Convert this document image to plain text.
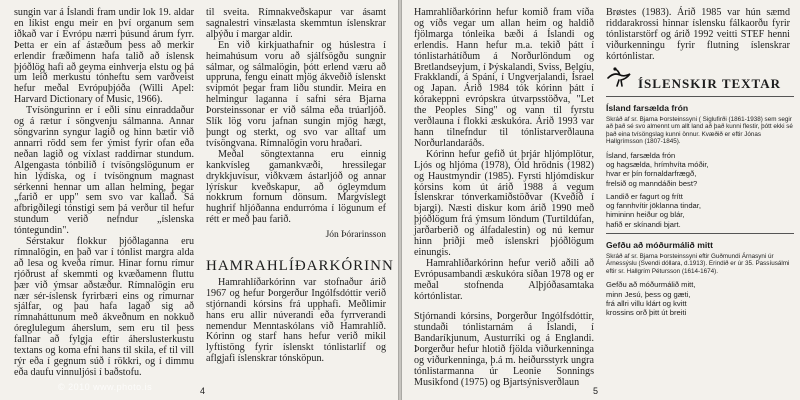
sungin var á Íslandi fram undir lok 19. aldar en líkist engu meir en því organum sem iðkað var í Evrópu nærri þúsund árum fyrr. Þetta er ein af ástæðum þess að merkir erlendir fræðimenn hafa talið að íslensk þjóðlög hafi að geyma einhverja elstu og þá um leið merkustu tónheftu sem varðveist hefur meðal Evrópuþjóða (Willi Apel: Harvard Dictionary of Music, 1966).

Tvísöngurinn er í eðli sínu einraddaður og á rætur í söngvenju sálmanna. Annar söngvarinn syngur lagið og hinn bætir við annarri rödd sem fer ýmist fyrir ofan eða neðan lagið og víxlast raddirnar stundum. Algengasta tónbilið í tvísöngslögunum er hin lýdíska, og í tvísöngnum magnast sérkenni hennar um allan helming, þegar „farið er upp" sem svo var kallað. Sá afbrigðilegi tónstigi sem þá verður til hefur stundum verið nefndur „íslenska tóntegundin".

Sérstakur flokkur þjóðlaganna eru rímnalögin, en það var í tónlist margra alda að lesa og kveða rímur. Hinar fornu rímur rjóðrust af skemmti og kvæðamenn fluttu þær við ýmsar aðstæður. Rímnalögin eru nær sér-íslensk fyrirbæri eins og rímurnar sjálfar, og þau hafa lagað sig að rímnaháttunum með ákveðnum en nokkuð óreglulegum áherslum, sem eru til þess fallnar að fylgja eftir áherslusterkustu textans og koma efni hans til skila, ef til vill rýr eða í gegnum súð í rökkri, og í dimmu eða daufu vinnuljósi í baðstofu.

til sveita. Rímnakveðskapur var ásamt sagnalestri vinsælasta skemmtun íslenskrar alþýðu í margar aldir.

En við kirkjuathafnir og húslestra í heimahúsum voru að sjálfsögðu sungnir sálmar, og sálmalögin, þótt erlend væru að uppruna, fengu einatt mjög ákveðið íslenskt svipmót þegar fram liðu stundir. Meira en helmingur laganna í safni séra Bjarna Þorsteinssonar er við sálma eða trúarljóð. Slík lög voru jafnan sungin mjög hægt, þungt og sterkt, og svo var alltaf um tvísöngvana. Rímnalögin voru hraðari.

Meðal söngtextanna eru einnig kankvísleg gamankvæði, hressilegar drykkjuvísur, viðkvæm ástarljóð og annar lýrískur kveðskapur, að ógleymdum nokkrum fornum dönsum. Margvíslegt hughrif hljóðanna endurróma í lögunum ef rétt er með þau farið.

Jón Þórarinsson
HAMRAHLÍÐARKÓRINN

Hamrahlíðarkórinn var stofnaður árið 1967 og hefur Þorgerður Ingólfsdóttir verið stjórnandi kórsins frá upphafi. Meðlimir hans eru allir núverandi eða fyrrverandi nemendur Menntaskólans við Hamrahlíð. Kórinn og starf hans hefur verið mikil lyftistöng fyrir íslenskt tónlistarlíf og aflgjafi íslenskrar tónsköpun.

© 2010 www.photo.is	4

Hamrahlíðarkórinn hefur komið fram víða og víðs vegar um allan heim og haldið fjölmarga tónleika bæði á Íslandi og erlendis. Hann hefur m.a. tekið þátt í tónlistarhátíðum á Norðurlöndum og Bretlandseyjum, í Þýskalandi, Sviss, Belgíu, Frakklandi, á Spáni, í Ungverjalandi, Ísrael og Japan. Árið 1984 tók kórinn þátt í kórakeppni evrópskra útvarpsstöðva, "Let the Peoples Sing" og vann til fyrstu verðlauna í flokki æskukóra. Árið 1993 var hann tilnefndur til tónlistarverðlauna Norðurlandaráðs.

Kórinn hefur gefið út þrjár hljómplötur, Ljós og hljóma (1978), Óld hrödnis (1982) og Haustmyndir (1985). Fyrsti hljómdiskur kórsins kom út árið 1988 á vegum Íslenskrar tónverkamiðstöðvar (Kveðið í bjargi). Næsti diskur kom árið 1990 með þjóðlögum frá ýmsum löndum (Turtildúfan, jarðarberið og álfadalestin) og nú kemur hinn þriðji með íslenskri þjóðlögum einungis.

Hamrahlíðarkórinn hefur verið aðili að Evrópusambandi æskukóra síðan 1978 og er meðal stofnenda Alþjóðasamtaka kórtónlistar.

Stjórnandi kórsins, Þorgerður Ingólfsdóttir, stundaði tónlistarnám á Íslandi, í Bandaríkjunum, Austurríki og á Englandi. Þorgerður hefur hlotið fjölda viðurkenninga og viðurkenninga, þ.á m. heiðursstyrk ungra tónlistarmanna úr Leonie Sonnings Musikfond (1975) og Bjartsýnisverðlaun

Brøstes (1983). Árið 1985 var hún sæmd riddarakrossi hinnar íslensku fálkaorðu fyrir tónlistarstörf og árið 1992 veitti STEF henni viðurkenningu fyrir flutning íslenskrar kórtónlistar.

5
ÍSLENSKIR TEXTAR
Ísland farsælda frón
Skráð af sr. Bjarna Þorsteinssyni ( Siglufirði (1861-1938) sem segir að það sé svo almennt um allt land að það kunni flestir, þótt ekki sé það eina tvísöngslag kunni önnur. Kvæðið er eftir Jónas Hallgrímsson (1807-1845).
Ísland, farsælda frón
og hagsælda, hrímhvíta móðir,
hvar er þín fornaldarfrægð,
frelsið og manndáðin best?
Landið er fagurt og frítt
og fannhvítir jöklanna tindar,
himininn heiður og blár,
hafið er skínandi bjart.
Gefðu að móðurmálið mitt
Skráð af sr. Bjarna Þorsteinssyni eftir Guðmundi Árnasyni úr Árnessýslu (Svendi dóllara, d.1913). Erindið er úr 35. Passíusálmi eftir sr. Hallgrím Pétursson (1614-1674).
Gefðu að móðurmálið mitt,
minn Jesú, þess og gæti,
frá allri villu klárt og kvitt
krossins orð þitt út breiti
